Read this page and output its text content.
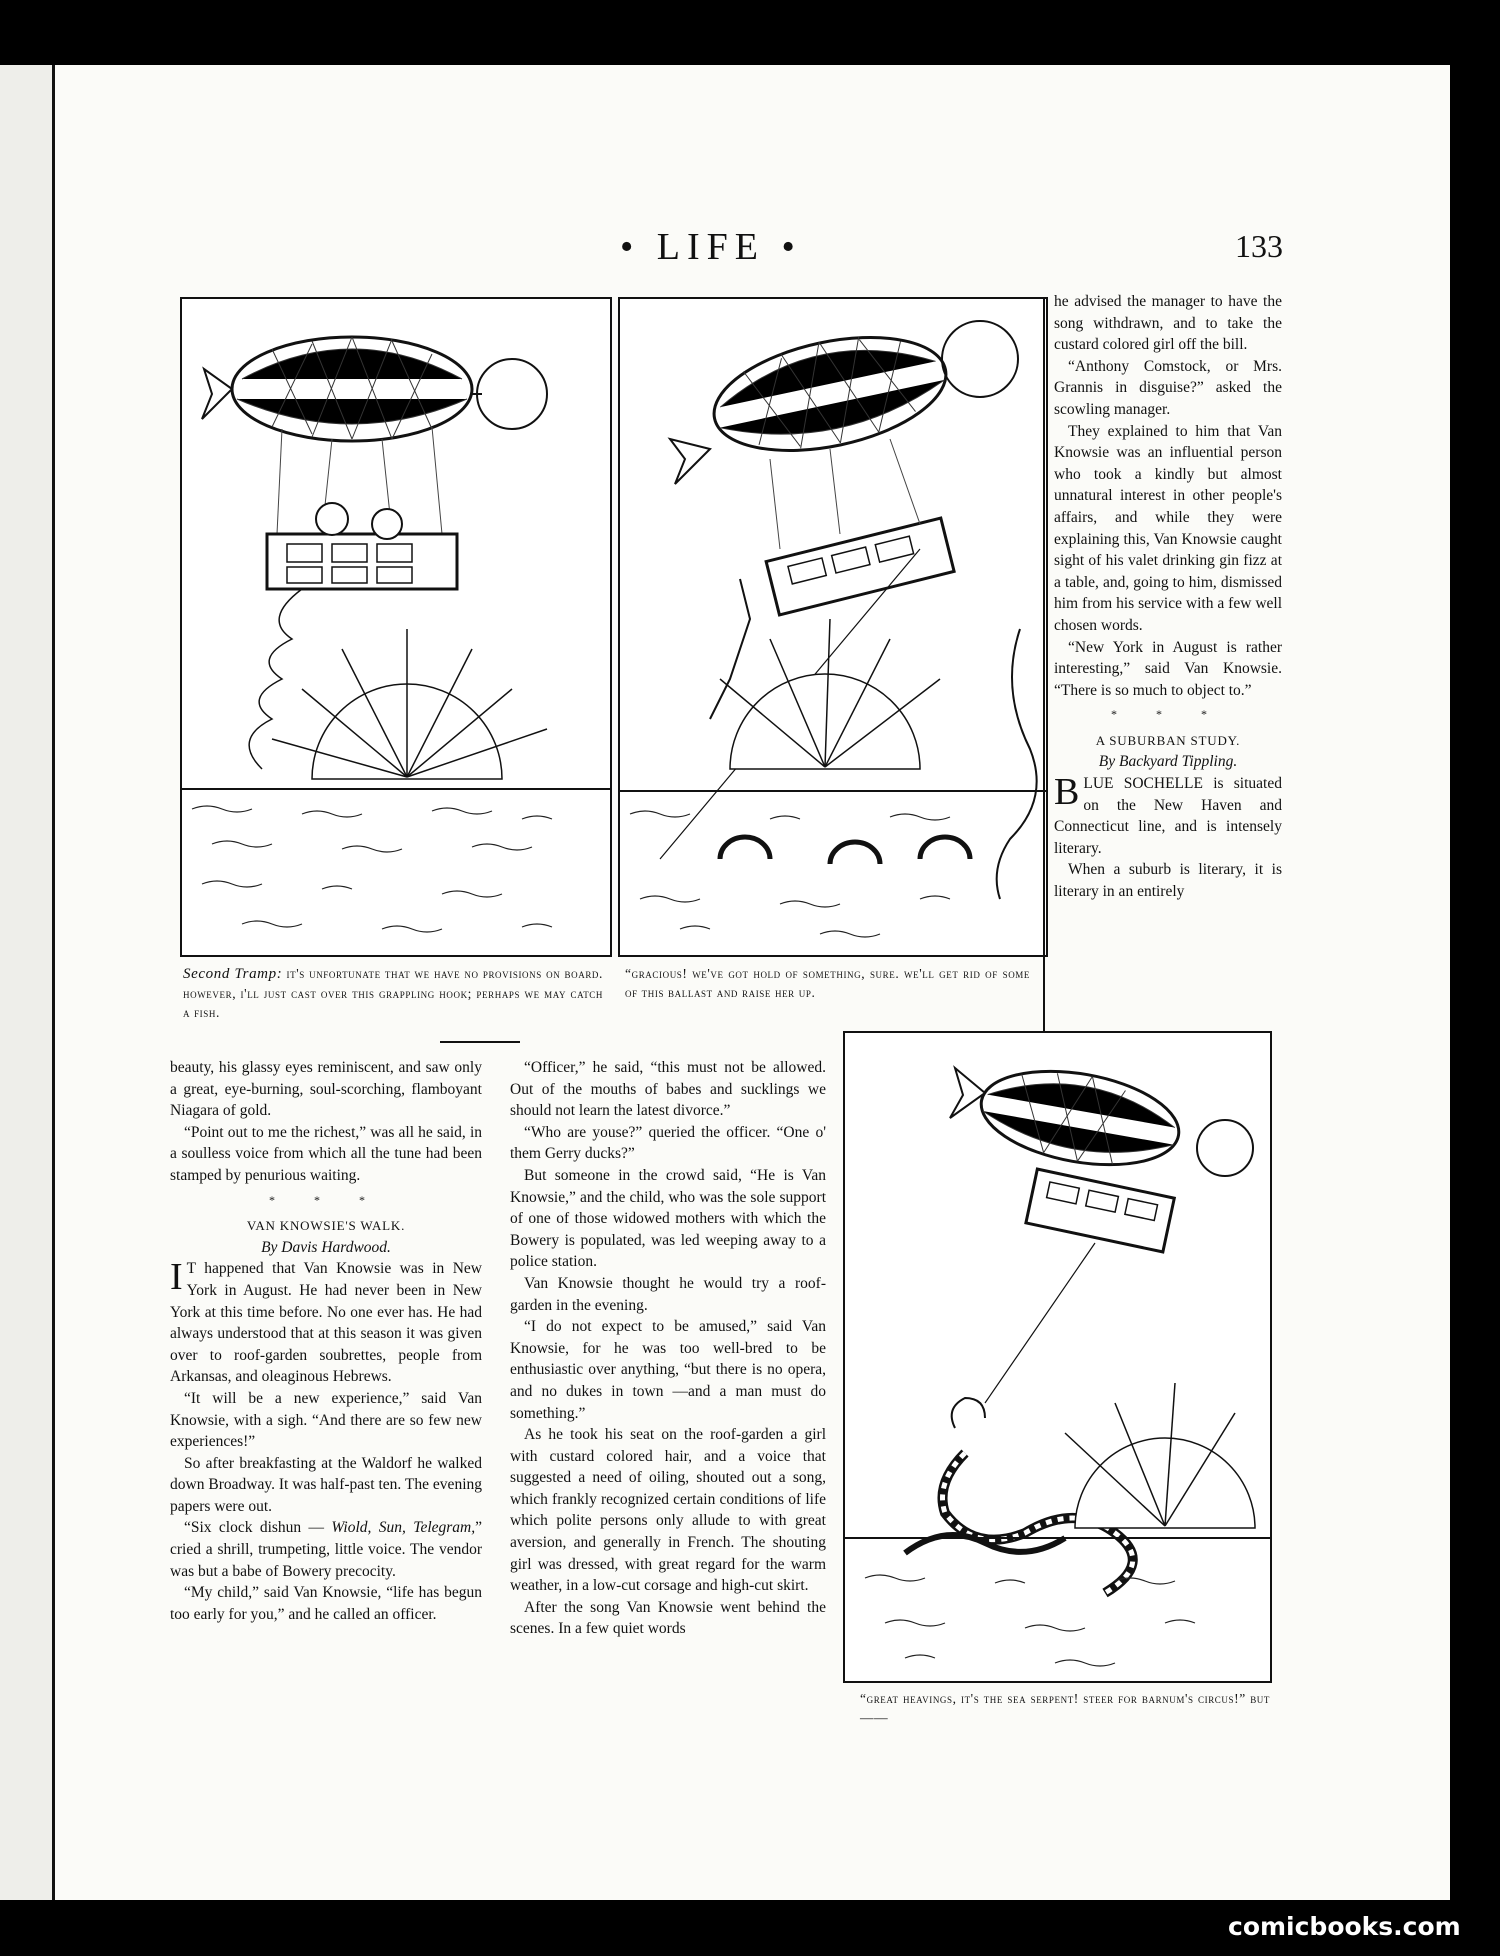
• LIFE •	133
Second Tramp: it's unfortunate that we have no provisions on board. however, i'll just cast over this grappling hook; perhaps we may catch a fish.
“gracious! we've got hold of something, sure. we'll get rid of some of this ballast and raise her up.

he advised the manager to have the song withdrawn, and to take the custard colored girl off the bill.

“Anthony Comstock, or Mrs. Grannis in disguise?” asked the scowling manager.

They explained to him that Van Knowsie was an influential person who took a kindly but almost unnatural interest in other people's affairs, and while they were explaining this, Van Knowsie caught sight of his valet drinking gin fizz at a table, and, going to him, dismissed him from his service with a few well chosen words.

“New York in August is rather interesting,” said Van Knowsie. “There is so much to object to.”

* * *

A SUBURBAN STUDY.

By Backyard Tippling.

BLUE SOCHELLE is situated on the New Haven and Connecticut line, and is intensely literary.

When a suburb is literary, it is literary in an entirely

beauty, his glassy eyes reminiscent, and saw only a great, eye-burning, soul-scorching, flamboyant Niagara of gold.

“Point out to me the richest,” was all he said, in a soulless voice from which all the tune had been stamped by penurious waiting.

* * *

VAN KNOWSIE'S WALK.

By Davis Hardwood.

I T happened that Van Knowsie was in New York in August. He had never been in New York at this time before. No one ever has. He had always understood that at this season it was given over to roof-garden soubrettes, people from Arkansas, and oleaginous Hebrews.

“It will be a new experience,” said Van Knowsie, with a sigh. “And there are so few new experiences!”

So after breakfasting at the Waldorf he walked down Broadway. It was half-past ten. The evening papers were out.

“Six clock dishun — Wiold, Sun, Telegram,” cried a shrill, trumpeting, little voice. The vendor was but a babe of Bowery precocity.

“My child,” said Van Knowsie, “life has begun too early for you,” and he called an officer.

“Officer,” he said, “this must not be allowed. Out of the mouths of babes and sucklings we should not learn the latest divorce.”

“Who are youse?” queried the officer. “One o' them Gerry ducks?”

But someone in the crowd said, “He is Van Knowsie,” and the child, who was the sole support of one of those widowed mothers with which the Bowery is populated, was led weeping away to a police station.

Van Knowsie thought he would try a roof-garden in the evening.

“I do not expect to be amused,” said Van Knowsie, for he was too well-bred to be enthusiastic over anything, “but there is no opera, and no dukes in town —and a man must do something.”

As he took his seat on the roof-garden a girl with custard colored hair, and a voice that suggested a need of oiling, shouted out a song, which frankly recognized certain conditions of life which polite persons only allude to with great aversion, and generally in French. The shouting girl was dressed, with great regard for the warm weather, in a low-cut corsage and high-cut skirt.

After the song Van Knowsie went behind the scenes. In a few quiet words

“great heavings, it's the sea serpent! steer for barnum's circus!” but——
comicbooks.com
